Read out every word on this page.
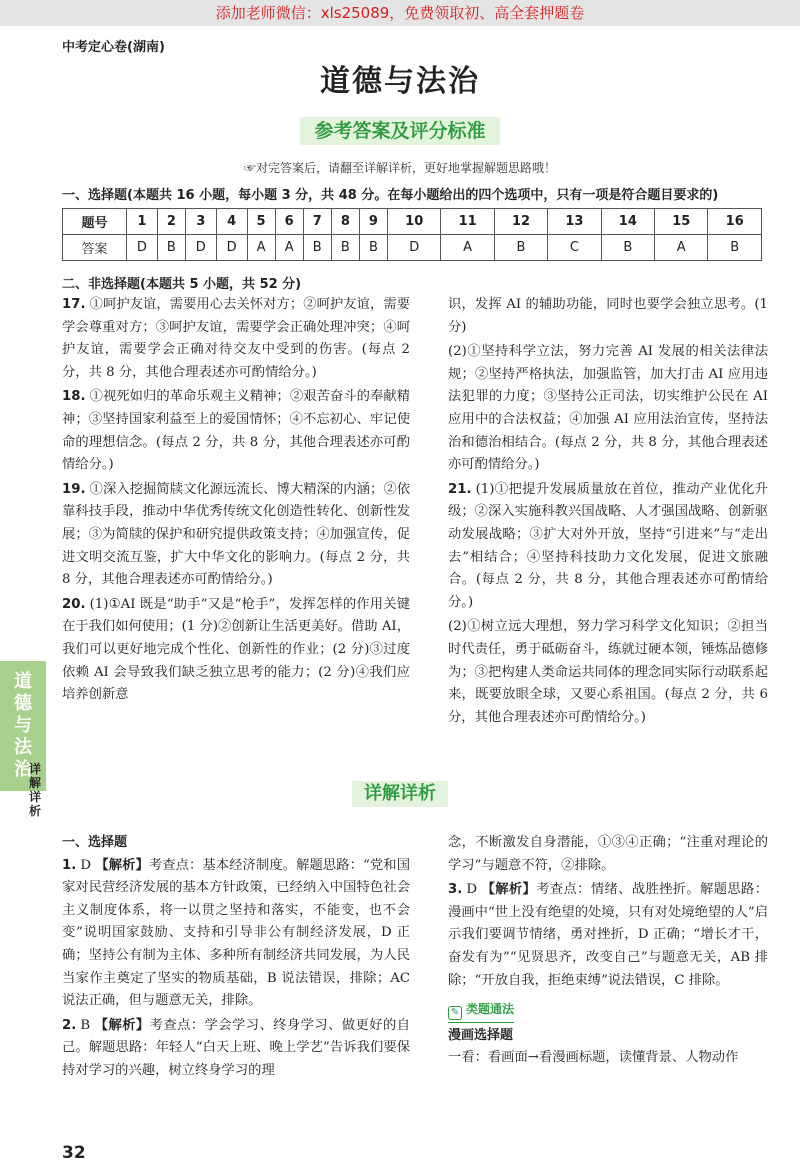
添加老师微信：xls25089，免费领取初、高全套押题卷
中考定心卷(湖南)
道德与法治
参考答案及评分标准
☞对完答案后，请翻至详解详析，更好地掌握解题思路哦！
一、选择题(本题共 16 小题，每小题 3 分，共 48 分。在每小题给出的四个选项中，只有一项是符合题目要求的)
题号	1	2	3	4	5	6	7	8	9	10	11	12	13	14	15	16
答案	D	B	D	D	A	A	B	B	B	D	A	B	C	B	A	B
二、非选择题(本题共 5 小题，共 52 分)
17. ①呵护友谊，需要用心去关怀对方；②呵护友谊，需要学会尊重对方；③呵护友谊，需要学会正确处理冲突；④呵护友谊，需要学会正确对待交友中受到的伤害。(每点 2 分，共 8 分，其他合理表述亦可酌情给分。)
18. ①视死如归的革命乐观主义精神；②艰苦奋斗的奉献精神；③坚持国家利益至上的爱国情怀；④不忘初心、牢记使命的理想信念。(每点 2 分，共 8 分，其他合理表述亦可酌情给分。)
19. ①深入挖掘简牍文化源远流长、博大精深的内涵；②依靠科技手段，推动中华优秀传统文化创造性转化、创新性发展；③为简牍的保护和研究提供政策支持；④加强宣传，促进文明交流互鉴，扩大中华文化的影响力。(每点 2 分，共 8 分，其他合理表述亦可酌情给分。)
20. (1)①AI 既是“助手”又是“枪手”，发挥怎样的作用关键在于我们如何使用；(1 分)②创新让生活更美好。借助 AI，我们可以更好地完成个性化、创新性的作业；(2 分)③过度依赖 AI 会导致我们缺乏独立思考的能力；(2 分)④我们应培养创新意
识，发挥 AI 的辅助功能，同时也要学会独立思考。(1 分)
(2)①坚持科学立法，努力完善 AI 发展的相关法律法规；②坚持严格执法，加强监管，加大打击 AI 应用违法犯罪的力度；③坚持公正司法，切实维护公民在 AI 应用中的合法权益；④加强 AI 应用法治宣传，坚持法治和德治相结合。(每点 2 分，共 8 分，其他合理表述亦可酌情给分。)
21. (1)①把提升发展质量放在首位，推动产业优化升级；②深入实施科教兴国战略、人才强国战略、创新驱动发展战略；③扩大对外开放，坚持“引进来”与“走出去”相结合；④坚持科技助力文化发展，促进文旅融合。(每点 2 分，共 8 分，其他合理表述亦可酌情给分。)
(2)①树立远大理想，努力学习科学文化知识；②担当时代责任，勇于砥砺奋斗，练就过硬本领，锤炼品德修为；③把构建人类命运共同体的理念同实际行动联系起来，既要放眼全球，又要心系祖国。(每点 2 分，共 6 分，其他合理表述亦可酌情给分。)
道
德
与
法
治
详解详析
详解详析
一、选择题
1. D 【解析】考查点：基本经济制度。解题思路：“党和国家对民营经济发展的基本方针政策，已经纳入中国特色社会主义制度体系，将一以贯之坚持和落实，不能变，也不会变”说明国家鼓励、支持和引导非公有制经济发展，D 正确；坚持公有制为主体、多种所有制经济共同发展，为人民当家作主奠定了坚实的物质基础，B 说法错误，排除；AC 说法正确，但与题意无关，排除。
2. B 【解析】考查点：学会学习、终身学习、做更好的自己。解题思路：年轻人“白天上班、晚上学艺”告诉我们要保持对学习的兴趣，树立终身学习的理
念，不断激发自身潜能，①③④正确；“注重对理论的学习”与题意不符，②排除。
3. D 【解析】考查点：情绪、战胜挫折。解题思路：漫画中“世上没有绝望的处境，只有对处境绝望的人”启示我们要调节情绪，勇对挫折，D 正确；“增长才干，奋发有为”“见贤思齐，改变自己”与题意无关，AB 排除；“开放自我，拒绝束缚”说法错误，C 排除。
✎ 类题通法
漫画选择题
一看：看画面→看漫画标题，读懂背景、人物动作
32
